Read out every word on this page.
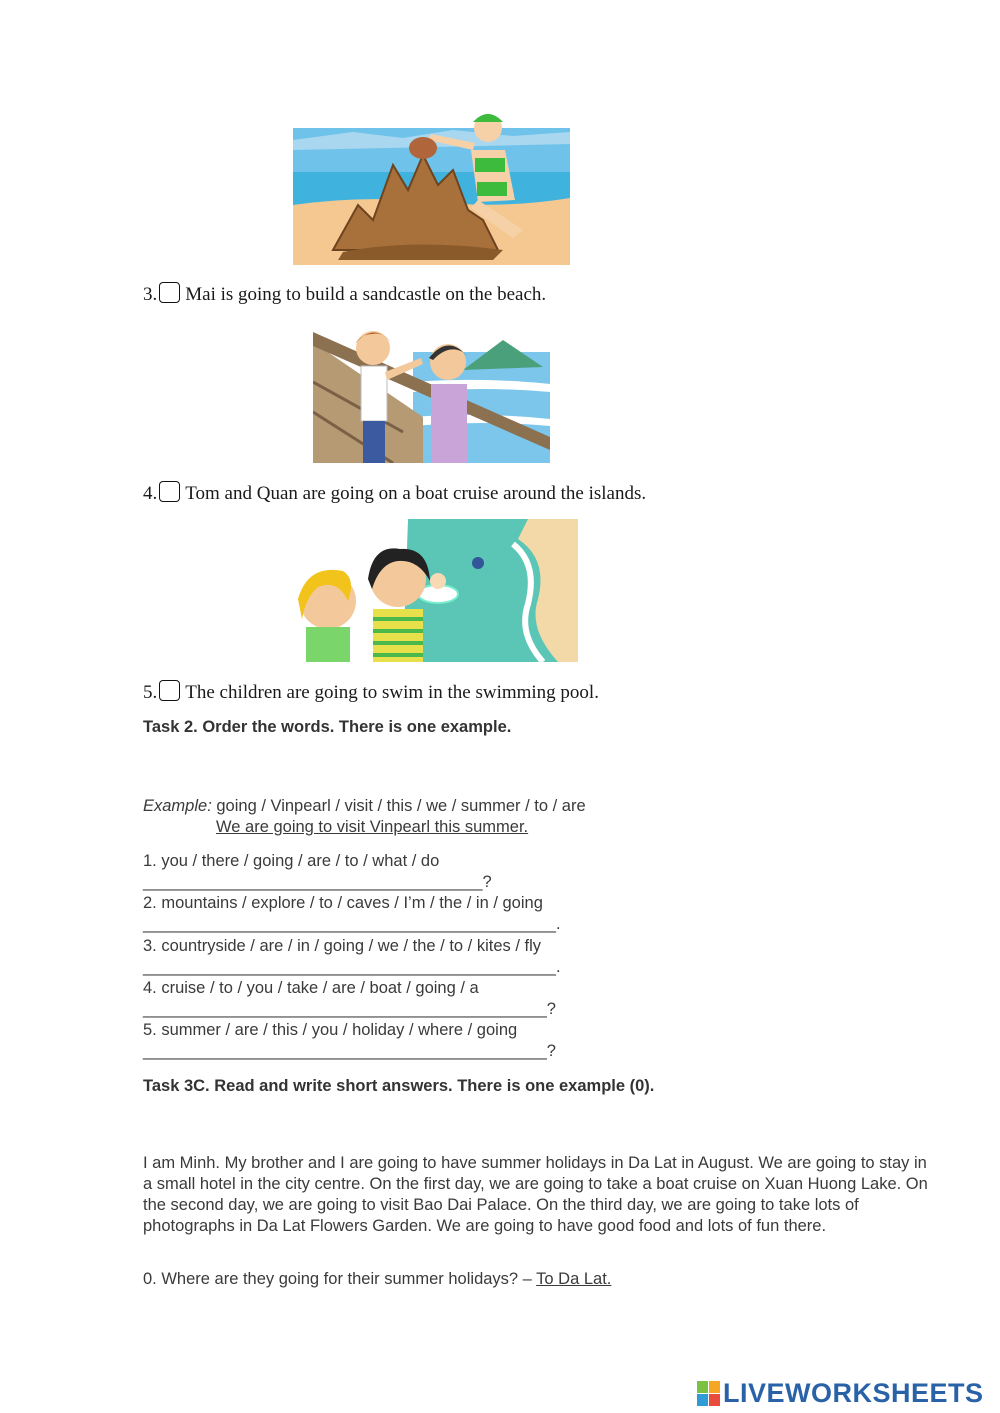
3. Mai is going to build a sandcastle on the beach.
4. Tom and Quan are going on a boat cruise around the islands.
5. The children are going to swim in the swimming pool.
Task 2. Order the words. There is one example.
Example: going / Vinpearl / visit / this / we / summer / to / are
We are going to visit Vinpearl this summer.
1. you / there / going / are / to / what / do
_____________________________________?
2. mountains / explore / to / caves / I’m / the / in / going
_____________________________________________.
3. countryside / are / in / going / we / the / to / kites / fly
_____________________________________________.
4. cruise / to / you / take / are / boat / going / a
____________________________________________?
5. summer / are / this / you / holiday / where / going
____________________________________________?
Task 3C. Read and write short answers. There is one example (0).
I am Minh. My brother and I are going to have summer holidays in Da Lat in August. We are going to stay in a small hotel in the city centre. On the first day, we are going to take a boat cruise on Xuan Huong Lake. On the second day, we are going to visit Bao Dai Palace. On the third day, we are going to take lots of photographs in Da Lat Flowers Garden. We are going to have good food and lots of fun there.
0. Where are they going for their summer holidays? – To Da Lat.
LIVEWORKSHEETS
